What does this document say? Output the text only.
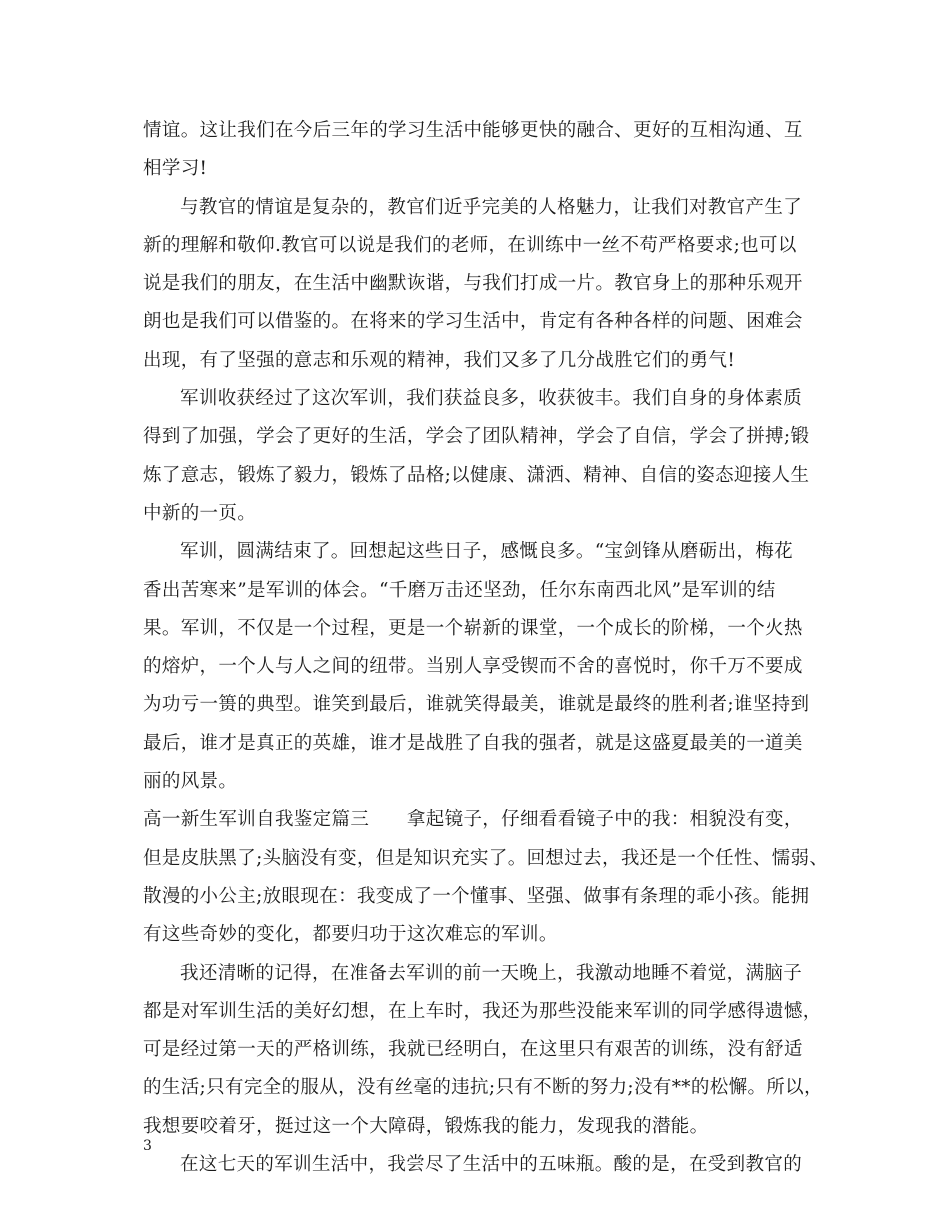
情谊。这让我们在今后三年的学习生活中能够更快的融合、更好的互相沟通、互
相学习!
与教官的情谊是复杂的，教官们近乎完美的人格魅力，让我们对教官产生了
新的理解和敬仰.教官可以说是我们的老师，在训练中一丝不苟严格要求;也可以
说是我们的朋友，在生活中幽默诙谐，与我们打成一片。教官身上的那种乐观开
朗也是我们可以借鉴的。在将来的学习生活中，肯定有各种各样的问题、困难会
出现，有了坚强的意志和乐观的精神，我们又多了几分战胜它们的勇气!
军训收获经过了这次军训，我们获益良多，收获彼丰。我们自身的身体素质
得到了加强，学会了更好的生活，学会了团队精神，学会了自信，学会了拼搏;锻
炼了意志，锻炼了毅力，锻炼了品格;以健康、潇洒、精神、自信的姿态迎接人生
中新的一页。
军训，圆满结束了。回想起这些日子，感慨良多。“宝剑锋从磨砺出，梅花
香出苦寒来”是军训的体会。“千磨万击还坚劲，任尔东南西北风”是军训的结
果。军训，不仅是一个过程，更是一个崭新的课堂，一个成长的阶梯，一个火热
的熔炉，一个人与人之间的纽带。当别人享受锲而不舍的喜悦时，你千万不要成
为功亏一篑的典型。谁笑到最后，谁就笑得最美，谁就是最终的胜利者;谁坚持到
最后，谁才是真正的英雄，谁才是战胜了自我的强者，就是这盛夏最美的一道美
丽的风景。
高一新生军训自我鉴定篇三　　拿起镜子，仔细看看镜子中的我：相貌没有变，
但是皮肤黑了;头脑没有变，但是知识充实了。回想过去，我还是一个任性、懦弱、
散漫的小公主;放眼现在：我变成了一个懂事、坚强、做事有条理的乖小孩。能拥
有这些奇妙的变化，都要归功于这次难忘的军训。
我还清晰的记得，在准备去军训的前一天晚上，我激动地睡不着觉，满脑子
都是对军训生活的美好幻想，在上车时，我还为那些没能来军训的同学感得遗憾，
可是经过第一天的严格训练，我就已经明白，在这里只有艰苦的训练，没有舒适
的生活;只有完全的服从，没有丝毫的违抗;只有不断的努力;没有**的松懈。所以，
我想要咬着牙，挺过这一个大障碍，锻炼我的能力，发现我的潜能。
在这七天的军训生活中，我尝尽了生活中的五味瓶。酸的是，在受到教官的
3
